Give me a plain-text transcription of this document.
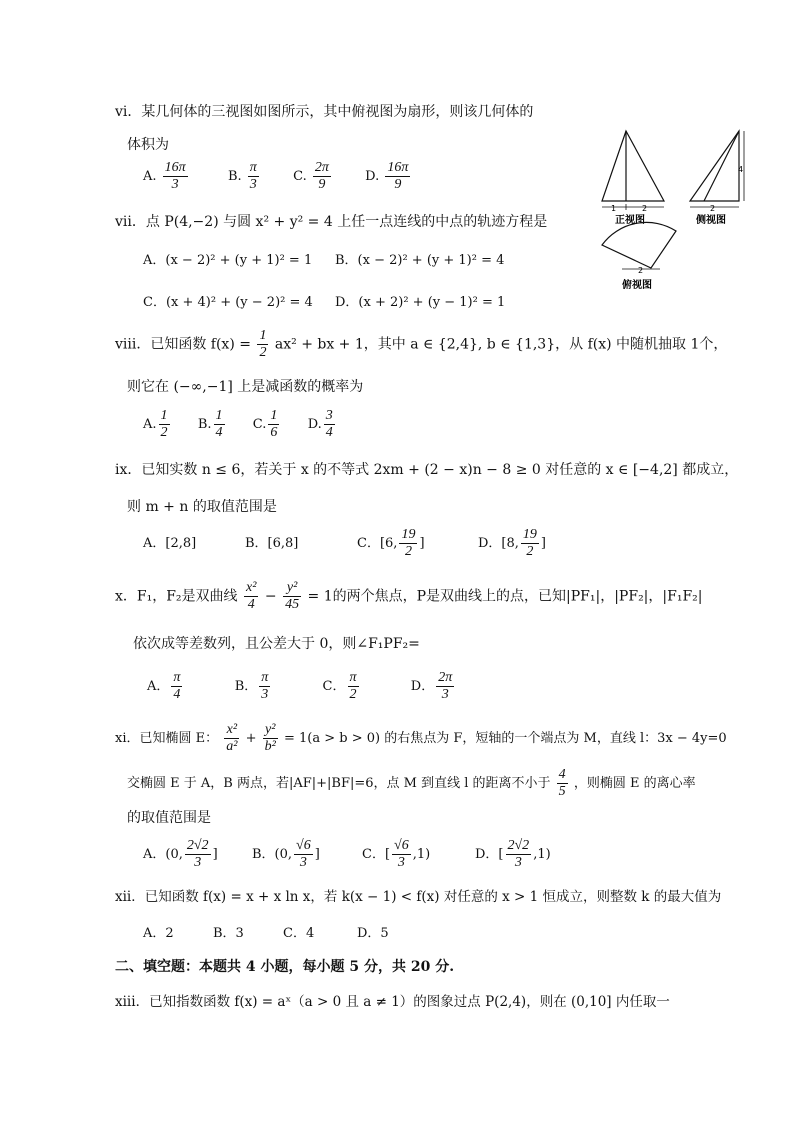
vi．某几何体的三视图如图所示，其中俯视图为扇形，则该几何体的
体积为
A. $\frac{16\pi}{3}$	B. $\frac{\pi}{3}$	C. $\frac{2\pi}{9}$	D. $\frac{16\pi}{9}$
1	2
正视图
2
4
侧视图
2
俯视图
vii．点 P(4,−2) 与圆 x² + y² = 4 上任一点连线的中点的轨迹方程是
A．(x − 2)² + (y + 1)² = 1 B．(x − 2)² + (y + 1)² = 4
C．(x + 4)² + (y − 2)² = 4 D．(x + 2)² + (y − 1)² = 1
viii．已知函数 $f(x) = \frac{1}{2} ax^2$ + bx + 1，其中 a ∈ {2,4}, b ∈ {1,3}，从 f(x) 中随机抽取 1个，
则它在 (−∞,−1] 上是减函数的概率为
A. $\frac{1}{2} B$. $\frac{1}{4} C$. $\frac{1}{6} D$. $\frac{3}{4}$
ix．已知实数 n ≤ 6，若关于 x 的不等式 2xm + (2 − x)n − 8 ≥ 0 对任意的 x ∈ [−4,2] 都成立，
则 m + n 的取值范围是
A．[2,8]	B．[6,8]	C．[6, $\frac{19}{2}$ ]	D．[8, $\frac{19}{2}$ ]
x．F₁，F₂是双曲线 $\frac{\text{x²}}{4} - \frac{\text{y²}}{45} = 1$的两个焦点，P是双曲线上的点，已知|PF₁|，|PF₂|，|F₁F₂|
依次成等差数列，且公差大于 0，则∠F₁PF₂=
A． $\frac{\pi}{4}$	B． $\frac{\pi}{3}$	C． $\frac{\pi}{2}$	D． $\frac{2\pi}{3}$
xi．已知椭圆 E： $\frac{\text{x²}}{\text{a²}} + \frac{\text{y²}}{\text{b²}} = 1(a > b > 0)$ 的右焦点为 F，短轴的一个端点为 M，直线 l：3x − 4y=0
交椭圆 E 于 A，B 两点，若|AF|+|BF|=6，点 M 到直线 l 的距离不小于 $\frac{4}{5}$ ，则椭圆 E 的离心率
的取值范围是
A．(0, $\frac{2√2}{3}$ ]	B．(0, $\frac{√6}{3}$ ]	C．[ $\frac{√6}{3} ,1$)	D．[ $\frac{2√2}{3} ,1$)
xii．已知函数 f(x) = x + x ln x，若 k(x − 1) < f(x) 对任意的 x > 1 恒成立，则整数 k 的最大值为
A．2	B．3	C．4	D．5
二、填空题：本题共 4 小题，每小题 5 分，共 20 分.
xiii．已知指数函数 f(x) = aˣ（a > 0 且 a ≠ 1）的图象过点 P(2,4)，则在 (0,10] 内任取一
